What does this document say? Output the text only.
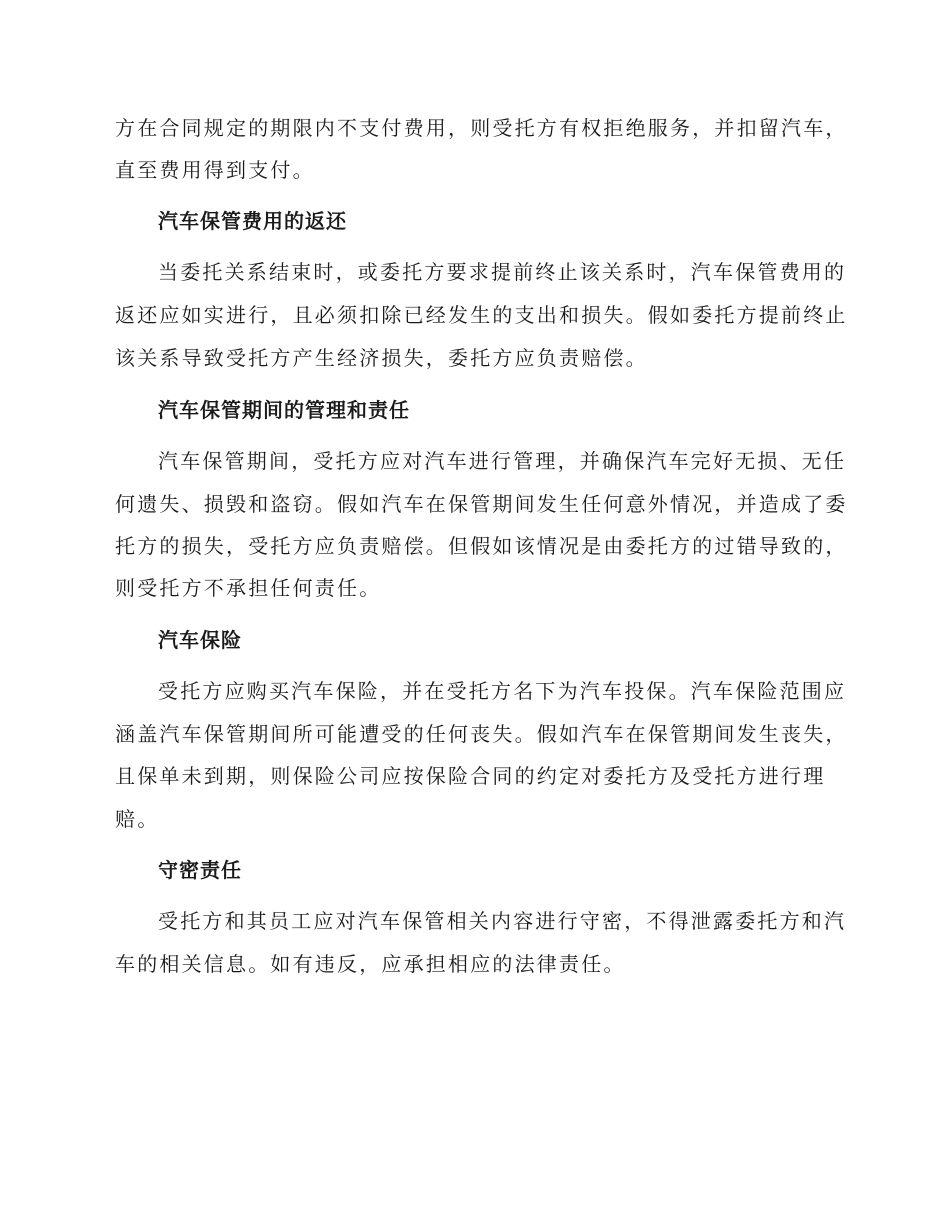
方在合同规定的期限内不支付费用，则受托方有权拒绝服务，并扣留汽车，
直至费用得到支付。
汽车保管费用的返还
当委托关系结束时，或委托方要求提前终止该关系时，汽车保管费用的
返还应如实进行，且必须扣除已经发生的支出和损失。假如委托方提前终止
该关系导致受托方产生经济损失，委托方应负责赔偿。
汽车保管期间的管理和责任
汽车保管期间，受托方应对汽车进行管理，并确保汽车完好无损、无任
何遗失、损毁和盗窃。假如汽车在保管期间发生任何意外情况，并造成了委
托方的损失，受托方应负责赔偿。但假如该情况是由委托方的过错导致的，
则受托方不承担任何责任。
汽车保险
受托方应购买汽车保险，并在受托方名下为汽车投保。汽车保险范围应
涵盖汽车保管期间所可能遭受的任何丧失。假如汽车在保管期间发生丧失，
且保单未到期，则保险公司应按保险合同的约定对委托方及受托方进行理
赔。
守密责任
受托方和其员工应对汽车保管相关内容进行守密，不得泄露委托方和汽
车的相关信息。如有违反，应承担相应的法律责任。
